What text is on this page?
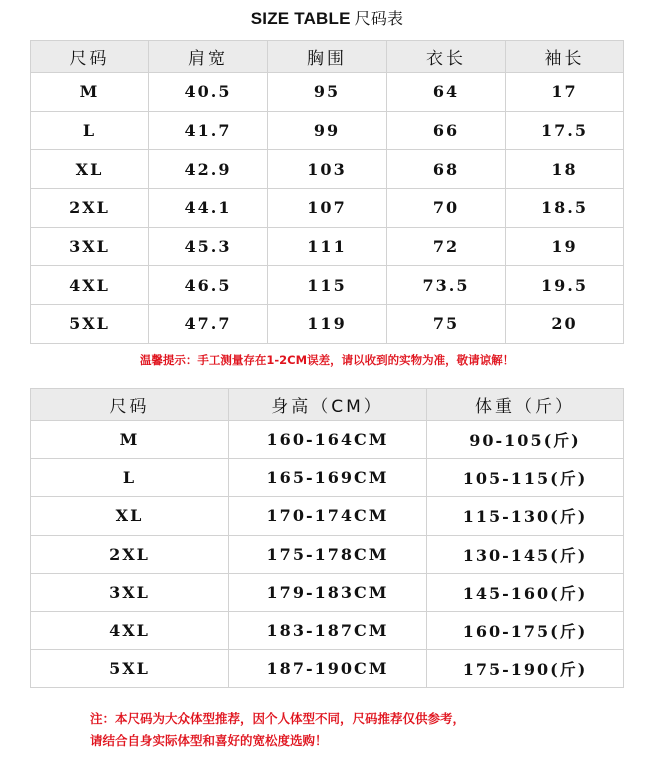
SIZE TABLE 尺码表
尺码	肩宽	胸围	衣长	袖长
M	40.5	95	64	17
L	41.7	99	66	17.5
XL	42.9	103	68	18
2XL	44.1	107	70	18.5
3XL	45.3	111	72	19
4XL	46.5	115	73.5	19.5
5XL	47.7	119	75	20
温馨提示：手工测量存在1-2CM误差，请以收到的实物为准，敬请谅解！
尺码	身高（CM）	体重（斤）
M	160-164CM	90-105(斤)
L	165-169CM	105-115(斤)
XL	170-174CM	115-130(斤)
2XL	175-178CM	130-145(斤)
3XL	179-183CM	145-160(斤)
4XL	183-187CM	160-175(斤)
5XL	187-190CM	175-190(斤)
注：本尺码为大众体型推荐，因个人体型不同，尺码推荐仅供参考，
请结合自身实际体型和喜好的宽松度选购！
